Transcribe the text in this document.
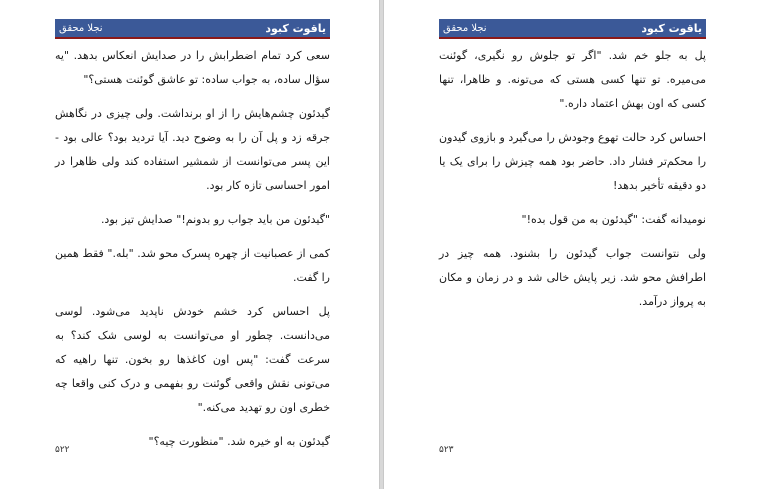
نجلا محقق	یاقوت کبود

سعی کرد تمام اضطرابش را در صدایش انعکاس بدهد. "یه سؤال ساده، به جواب ساده: تو عاشق گوئنت هستی؟"

گیدئون چشم‌هایش را از او برنداشت. ولی چیزی در نگاهش جرقه زد و پل آن را به وضوح دید. آیا تردید بود؟ عالی بود - این پسر می‌توانست از شمشیر استفاده کند ولی ظاهرا در امور احساسی تازه کار بود.

"گیدئون من باید جواب رو بدونم!" صدایش تیز بود.

کمی از عصبانیت از چهره پسرک محو شد. "بله." فقط همین را گفت.

پل احساس کرد خشم خودش ناپدید می‌شود. لوسی می‌دانست. چطور او می‌توانست به لوسی شک کند؟ به سرعت گفت: "پس اون کاغذها رو بخون. تنها راهیه که می‌تونی نقش واقعی گوئنت رو بفهمی و درک کنی واقعا چه خطری اون رو تهدید می‌کنه."

گیدئون به او خیره شد. "منظورت چیه؟"

۵۲۲
نجلا محقق	یاقوت کبود

پل به جلو خم شد. "اگر تو جلوش رو نگیری، گوئنت می‌میره. تو تنها کسی هستی که می‌تونه. و ظاهرا، تنها کسی که اون بهش اعتماد داره."

احساس کرد حالت تهوع وجودش را می‌گیرد و بازوی گیدون را محکم‌تر فشار داد. حاضر بود همه چیزش را برای یک یا دو دقیقه تأخیر بدهد!

نومیدانه گفت: "گیدئون به من قول بده!"

ولی نتوانست جواب گیدئون را بشنود. همه چیز در اطرافش محو شد. زیر پایش خالی شد و در زمان و مکان به پرواز درآمد.

۵۲۳
